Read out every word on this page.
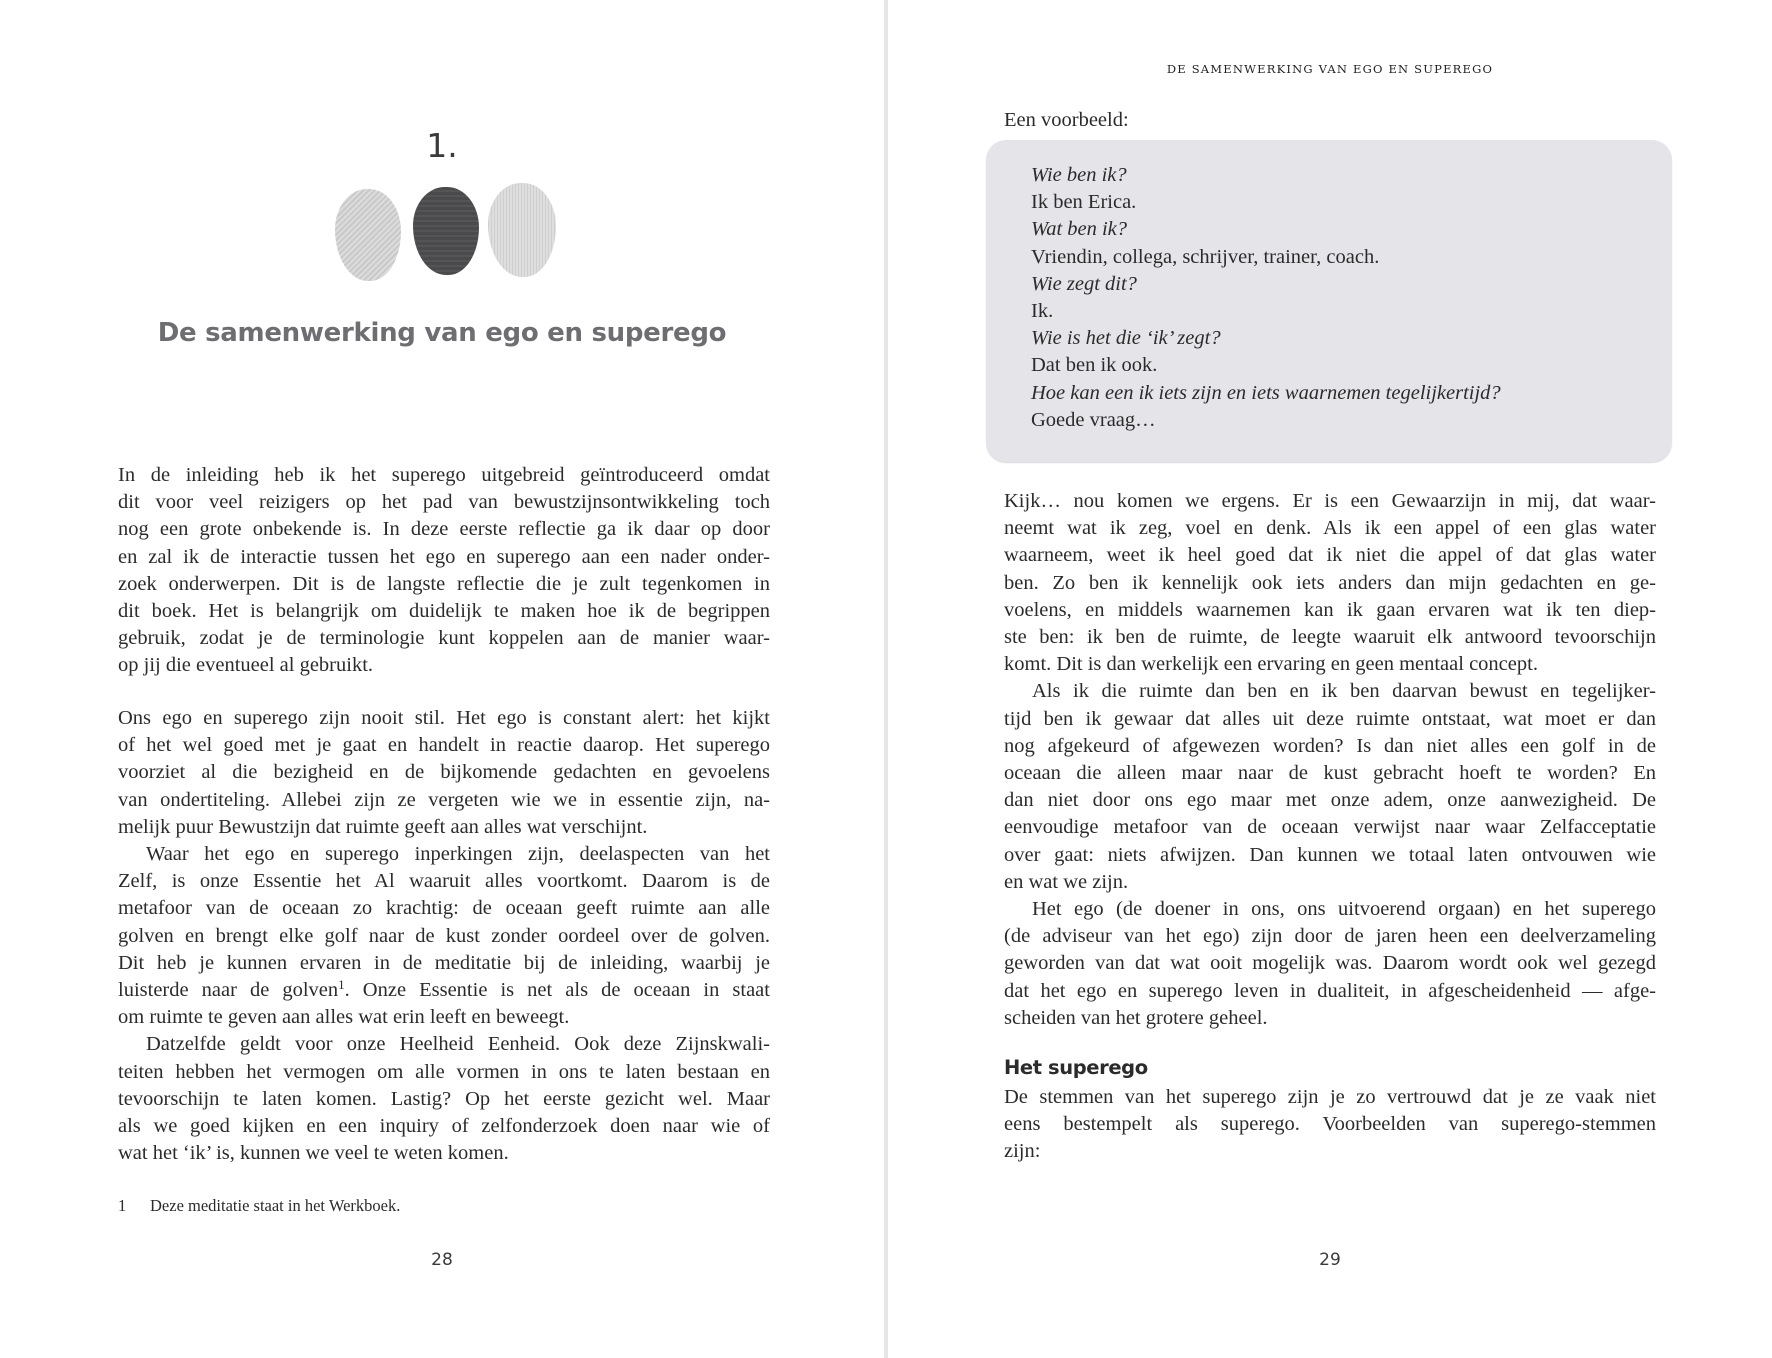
1.
De samenwerking van ego en superego
In de inleiding heb ik het superego uitgebreid geïntroduceerd omdat
dit voor veel reizigers op het pad van bewustzijnsontwikkeling toch
nog een grote onbekende is. In deze eerste reflectie ga ik daar op door
en zal ik de interactie tussen het ego en superego aan een nader onder-
zoek onderwerpen. Dit is de langste reflectie die je zult tegenkomen in
dit boek. Het is belangrijk om duidelijk te maken hoe ik de begrippen
gebruik, zodat je de terminologie kunt koppelen aan de manier waar-
op jij die eventueel al gebruikt.
Ons ego en superego zijn nooit stil. Het ego is constant alert: het kijkt
of het wel goed met je gaat en handelt in reactie daarop. Het superego
voorziet al die bezigheid en de bijkomende gedachten en gevoelens
van ondertiteling. Allebei zijn ze vergeten wie we in essentie zijn, na-
melijk puur Bewustzijn dat ruimte geeft aan alles wat verschijnt.
Waar het ego en superego inperkingen zijn, deelaspecten van het
Zelf, is onze Essentie het Al waaruit alles voortkomt. Daarom is de
metafoor van de oceaan zo krachtig: de oceaan geeft ruimte aan alle
golven en brengt elke golf naar de kust zonder oordeel over de golven.
Dit heb je kunnen ervaren in de meditatie bij de inleiding, waarbij je
luisterde naar de golven$^1$. Onze Essentie is net als de oceaan in staat
om ruimte te geven aan alles wat erin leeft en beweegt.
Datzelfde geldt voor onze Heelheid Eenheid. Ook deze Zijnskwali-
teiten hebben het vermogen om alle vormen in ons te laten bestaan en
tevoorschijn te laten komen. Lastig? Op het eerste gezicht wel. Maar
als we goed kijken en een inquiry of zelfonderzoek doen naar wie of
wat het ‘ik’ is, kunnen we veel te weten komen.
1 Deze meditatie staat in het Werkboek.
28
DE SAMENWERKING VAN EGO EN SUPEREGO
Een voorbeeld:
Wie ben ik?
Ik ben Erica.
Wat ben ik?
Vriendin, collega, schrijver, trainer, coach.
Wie zegt dit?
Ik.
Wie is het die ‘ik’ zegt?
Dat ben ik ook.
Hoe kan een ik iets zijn en iets waarnemen tegelijkertijd?
Goede vraag…
Kijk… nou komen we ergens. Er is een Gewaarzijn in mij, dat waar-
neemt wat ik zeg, voel en denk. Als ik een appel of een glas water
waarneem, weet ik heel goed dat ik niet die appel of dat glas water
ben. Zo ben ik kennelijk ook iets anders dan mijn gedachten en ge-
voelens, en middels waarnemen kan ik gaan ervaren wat ik ten diep-
ste ben: ik ben de ruimte, de leegte waaruit elk antwoord tevoorschijn
komt. Dit is dan werkelijk een ervaring en geen mentaal concept.
Als ik die ruimte dan ben en ik ben daarvan bewust en tegelijker-
tijd ben ik gewaar dat alles uit deze ruimte ontstaat, wat moet er dan
nog afgekeurd of afgewezen worden? Is dan niet alles een golf in de
oceaan die alleen maar naar de kust gebracht hoeft te worden? En
dan niet door ons ego maar met onze adem, onze aanwezigheid. De
eenvoudige metafoor van de oceaan verwijst naar waar Zelfacceptatie
over gaat: niets afwijzen. Dan kunnen we totaal laten ontvouwen wie
en wat we zijn.
Het ego (de doener in ons, ons uitvoerend orgaan) en het superego
(de adviseur van het ego) zijn door de jaren heen een deelverzameling
geworden van dat wat ooit mogelijk was. Daarom wordt ook wel gezegd
dat het ego en superego leven in dualiteit, in afgescheidenheid — afge-
scheiden van het grotere geheel.
Het superego
De stemmen van het superego zijn je zo vertrouwd dat je ze vaak niet
eens bestempelt als superego. Voorbeelden van superego-stemmen
zijn:
29
